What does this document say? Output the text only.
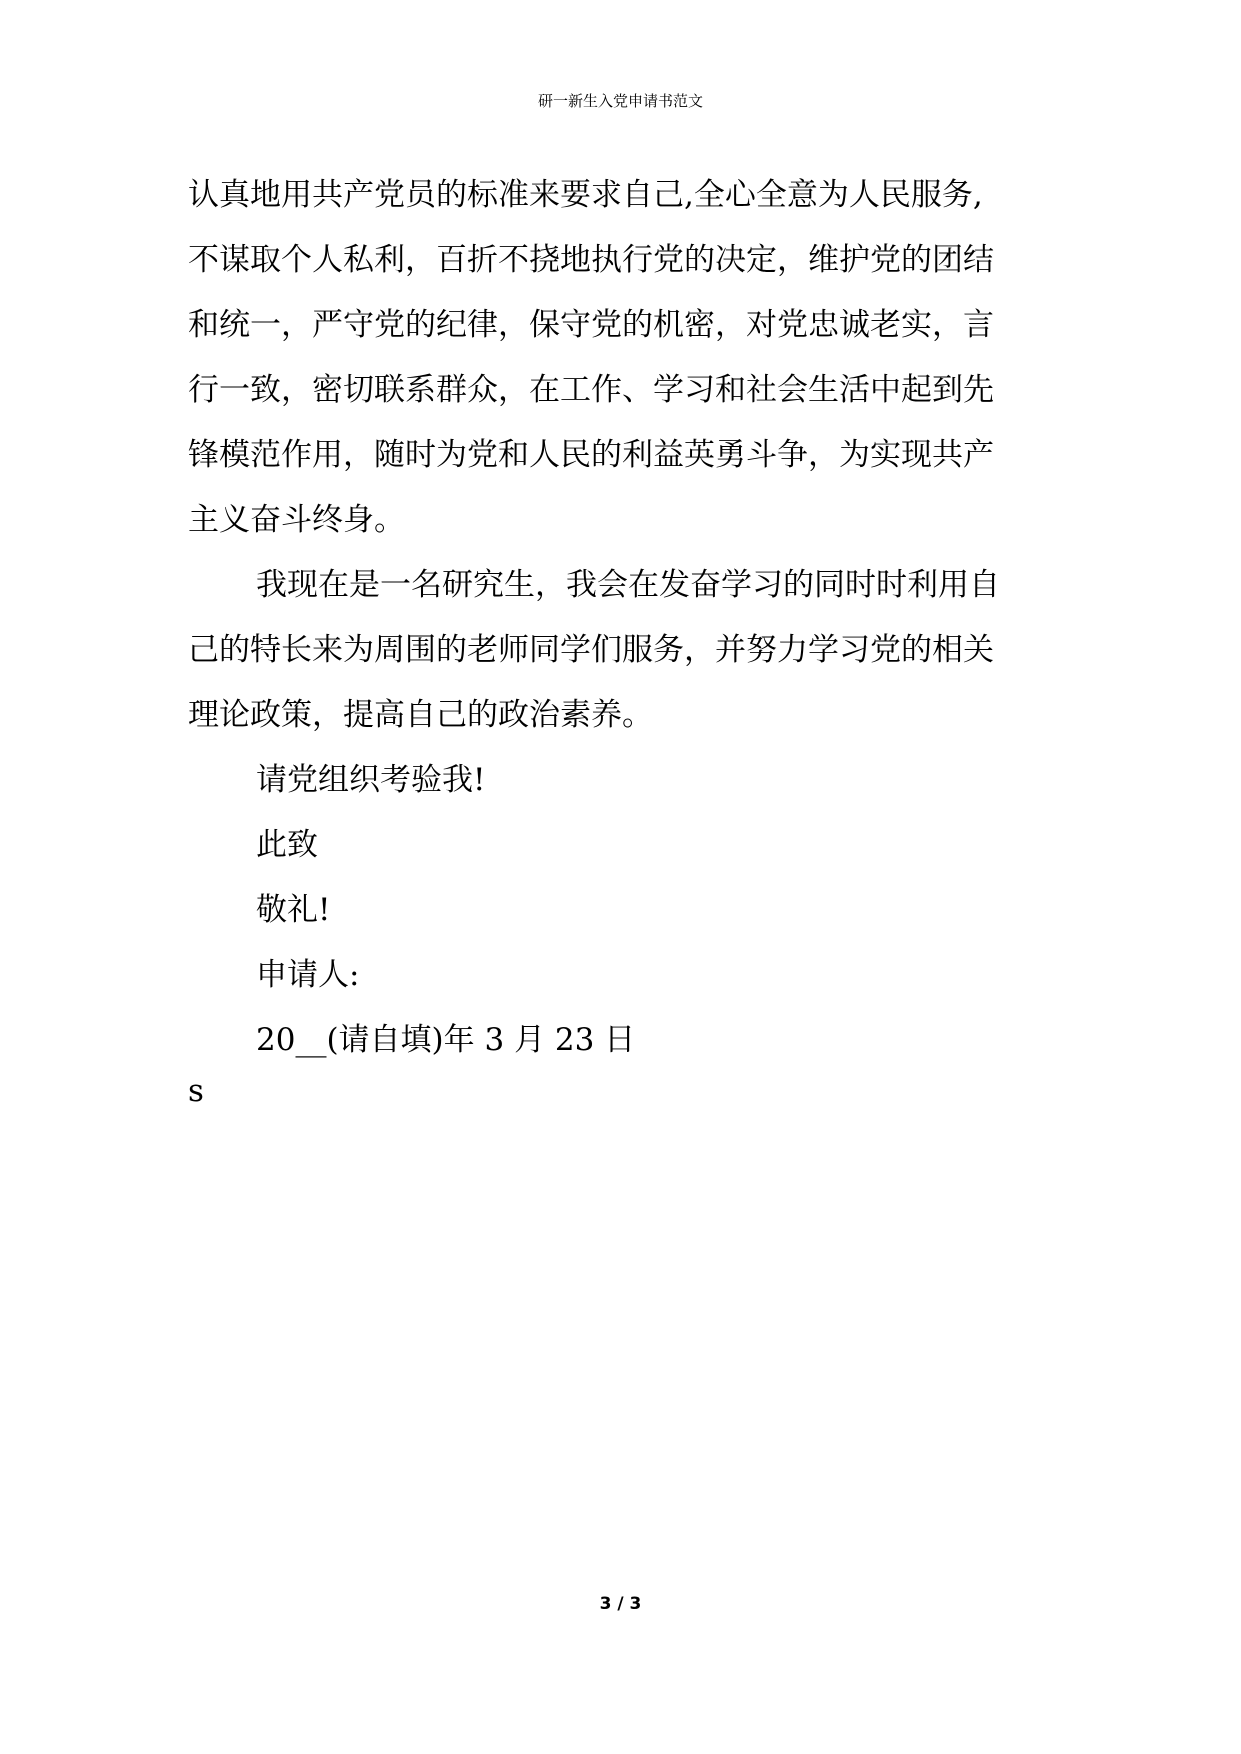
研一新生入党申请书范文
认真地用共产党员的标准来要求自己,全心全意为人民服务,
不谋取个人私利，百折不挠地执行党的决定，维护党的团结
和统一，严守党的纪律，保守党的机密，对党忠诚老实，言
行一致，密切联系群众，在工作、学习和社会生活中起到先
锋模范作用，随时为党和人民的利益英勇斗争，为实现共产
主义奋斗终身。
我现在是一名研究生，我会在发奋学习的同时时利用自
己的特长来为周围的老师同学们服务，并努力学习党的相关
理论政策，提高自己的政治素养。
请党组织考验我!
此致
敬礼!
申请人:
20__(请自填)年 3 月 23 日
s
3 / 3
